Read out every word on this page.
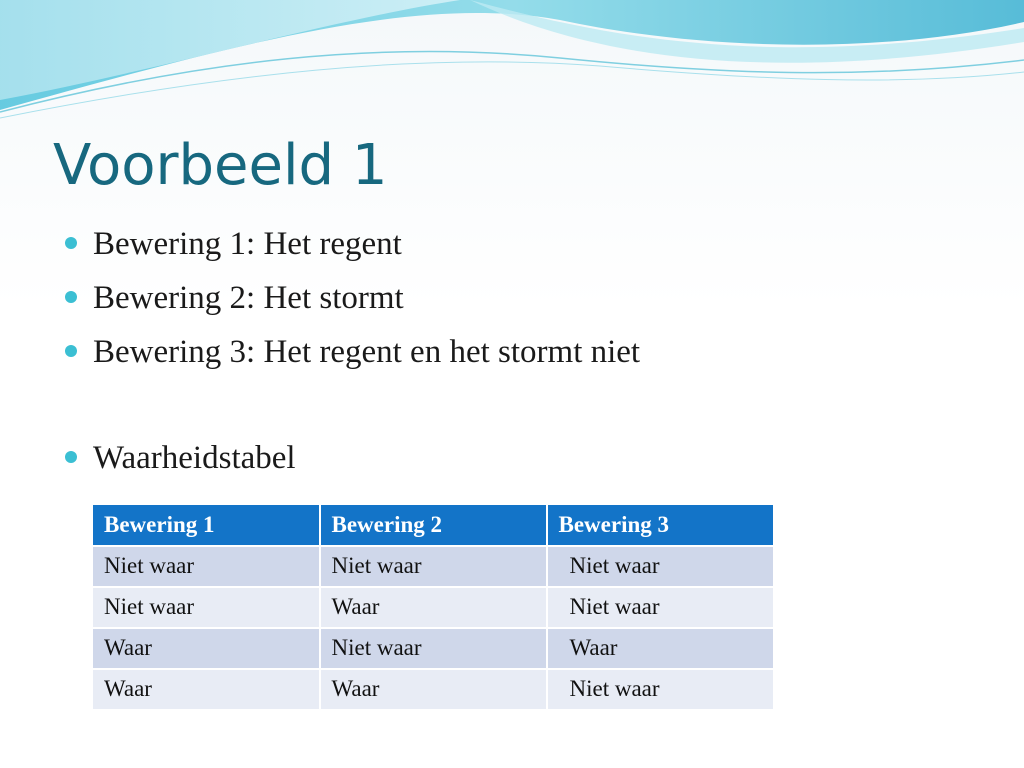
Voorbeeld 1
Bewering 1: Het regent
Bewering 2: Het stormt
Bewering 3: Het regent en het stormt niet
Waarheidstabel
Bewering 1	Bewering 2	Bewering 3
Niet waar	Niet waar	Niet waar
Niet waar	Waar	Niet waar
Waar	Niet waar	Waar
Waar	Waar	Niet waar
